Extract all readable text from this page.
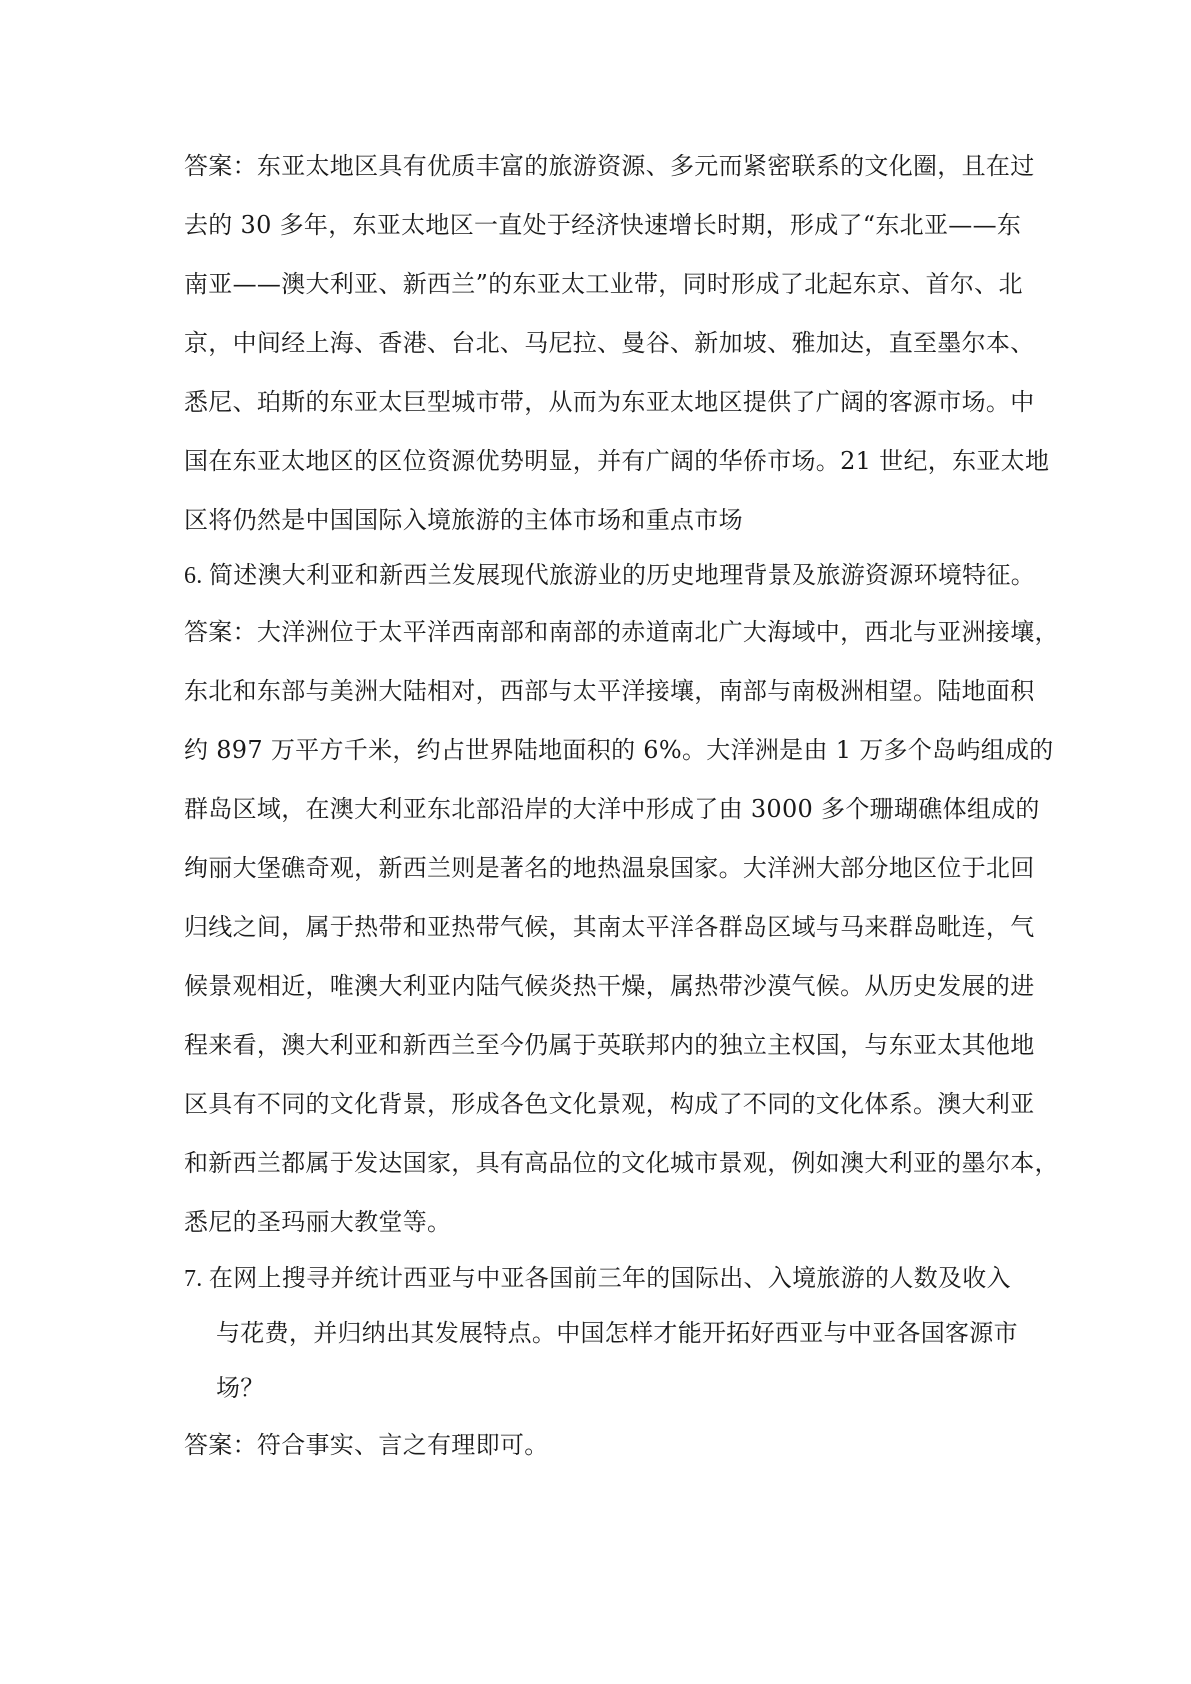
答案：东亚太地区具有优质丰富的旅游资源、多元而紧密联系的文化圈，且在过
去的 30 多年，东亚太地区一直处于经济快速增长时期，形成了“东北亚——东
南亚——澳大利亚、新西兰”的东亚太工业带，同时形成了北起东京、首尔、北
京，中间经上海、香港、台北、马尼拉、曼谷、新加坡、雅加达，直至墨尔本、
悉尼、珀斯的东亚太巨型城市带，从而为东亚太地区提供了广阔的客源市场。中
国在东亚太地区的区位资源优势明显，并有广阔的华侨市场。21 世纪，东亚太地
区将仍然是中国国际入境旅游的主体市场和重点市场
6. 简述澳大利亚和新西兰发展现代旅游业的历史地理背景及旅游资源环境特征。
答案：大洋洲位于太平洋西南部和南部的赤道南北广大海域中，西北与亚洲接壤，
东北和东部与美洲大陆相对，西部与太平洋接壤，南部与南极洲相望。陆地面积
约 897 万平方千米，约占世界陆地面积的 6%。大洋洲是由 1 万多个岛屿组成的
群岛区域，在澳大利亚东北部沿岸的大洋中形成了由 3000 多个珊瑚礁体组成的
绚丽大堡礁奇观，新西兰则是著名的地热温泉国家。大洋洲大部分地区位于北回
归线之间，属于热带和亚热带气候，其南太平洋各群岛区域与马来群岛毗连，气
候景观相近，唯澳大利亚内陆气候炎热干燥，属热带沙漠气候。从历史发展的进
程来看，澳大利亚和新西兰至今仍属于英联邦内的独立主权国，与东亚太其他地
区具有不同的文化背景，形成各色文化景观，构成了不同的文化体系。澳大利亚
和新西兰都属于发达国家，具有高品位的文化城市景观，例如澳大利亚的墨尔本，
悉尼的圣玛丽大教堂等。
7. 在网上搜寻并统计西亚与中亚各国前三年的国际出、入境旅游的人数及收入
与花费，并归纳出其发展特点。中国怎样才能开拓好西亚与中亚各国客源市
场？
答案：符合事实、言之有理即可。
